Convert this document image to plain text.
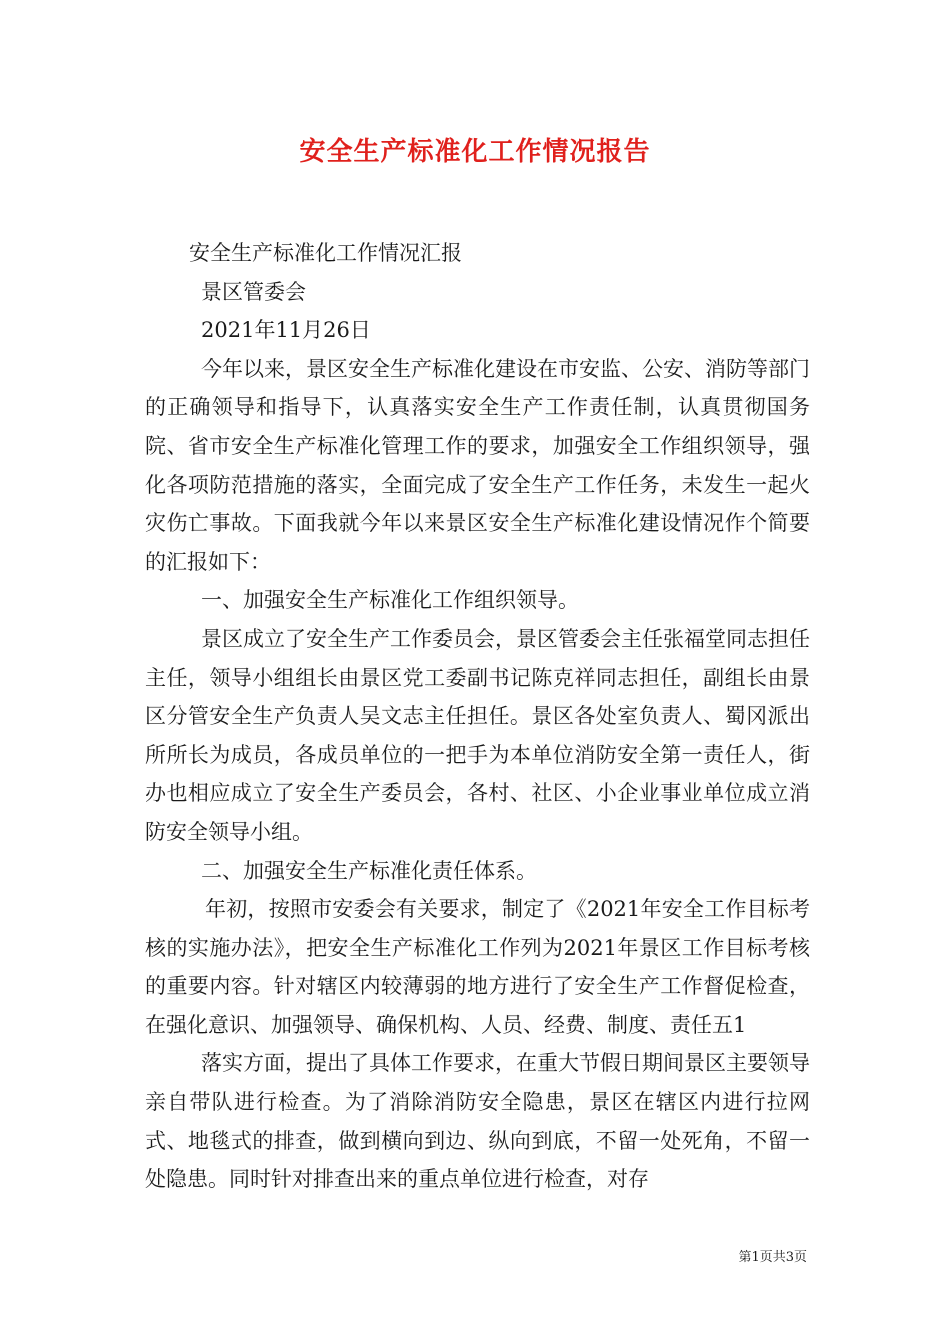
安全生产标准化工作情况报告

安全生产标准化工作情况汇报

景区管委会

2021年11月26日

今年以来，景区安全生产标准化建设在市安监、公安、消防等部门的正确领导和指导下，认真落实安全生产工作责任制，认真贯彻国务院、省市安全生产标准化管理工作的要求，加强安全工作组织领导，强化各项防范措施的落实，全面完成了安全生产工作任务，未发生一起火灾伤亡事故。下面我就今年以来景区安全生产标准化建设情况作个简要的汇报如下：

一、加强安全生产标准化工作组织领导。

景区成立了安全生产工作委员会，景区管委会主任张福堂同志担任主任，领导小组组长由景区党工委副书记陈克祥同志担任，副组长由景区分管安全生产负责人吴文志主任担任。景区各处室负责人、蜀冈派出所所长为成员，各成员单位的一把手为本单位消防安全第一责任人，街办也相应成立了安全生产委员会，各村、社区、小企业事业单位成立消防安全领导小组。

二、加强安全生产标准化责任体系。

年初，按照市安委会有关要求，制定了《2021年安全工作目标考核的实施办法》，把安全生产标准化工作列为2021年景区工作目标考核的重要内容。针对辖区内较薄弱的地方进行了安全生产工作督促检查，在强化意识、加强领导、确保机构、人员、经费、制度、责任五1

落实方面，提出了具体工作要求，在重大节假日期间景区主要领导亲自带队进行检查。为了消除消防安全隐患，景区在辖区内进行拉网式、地毯式的排查，做到横向到边、纵向到底，不留一处死角，不留一处隐患。同时针对排查出来的重点单位进行检查，对存

第1页共3页
